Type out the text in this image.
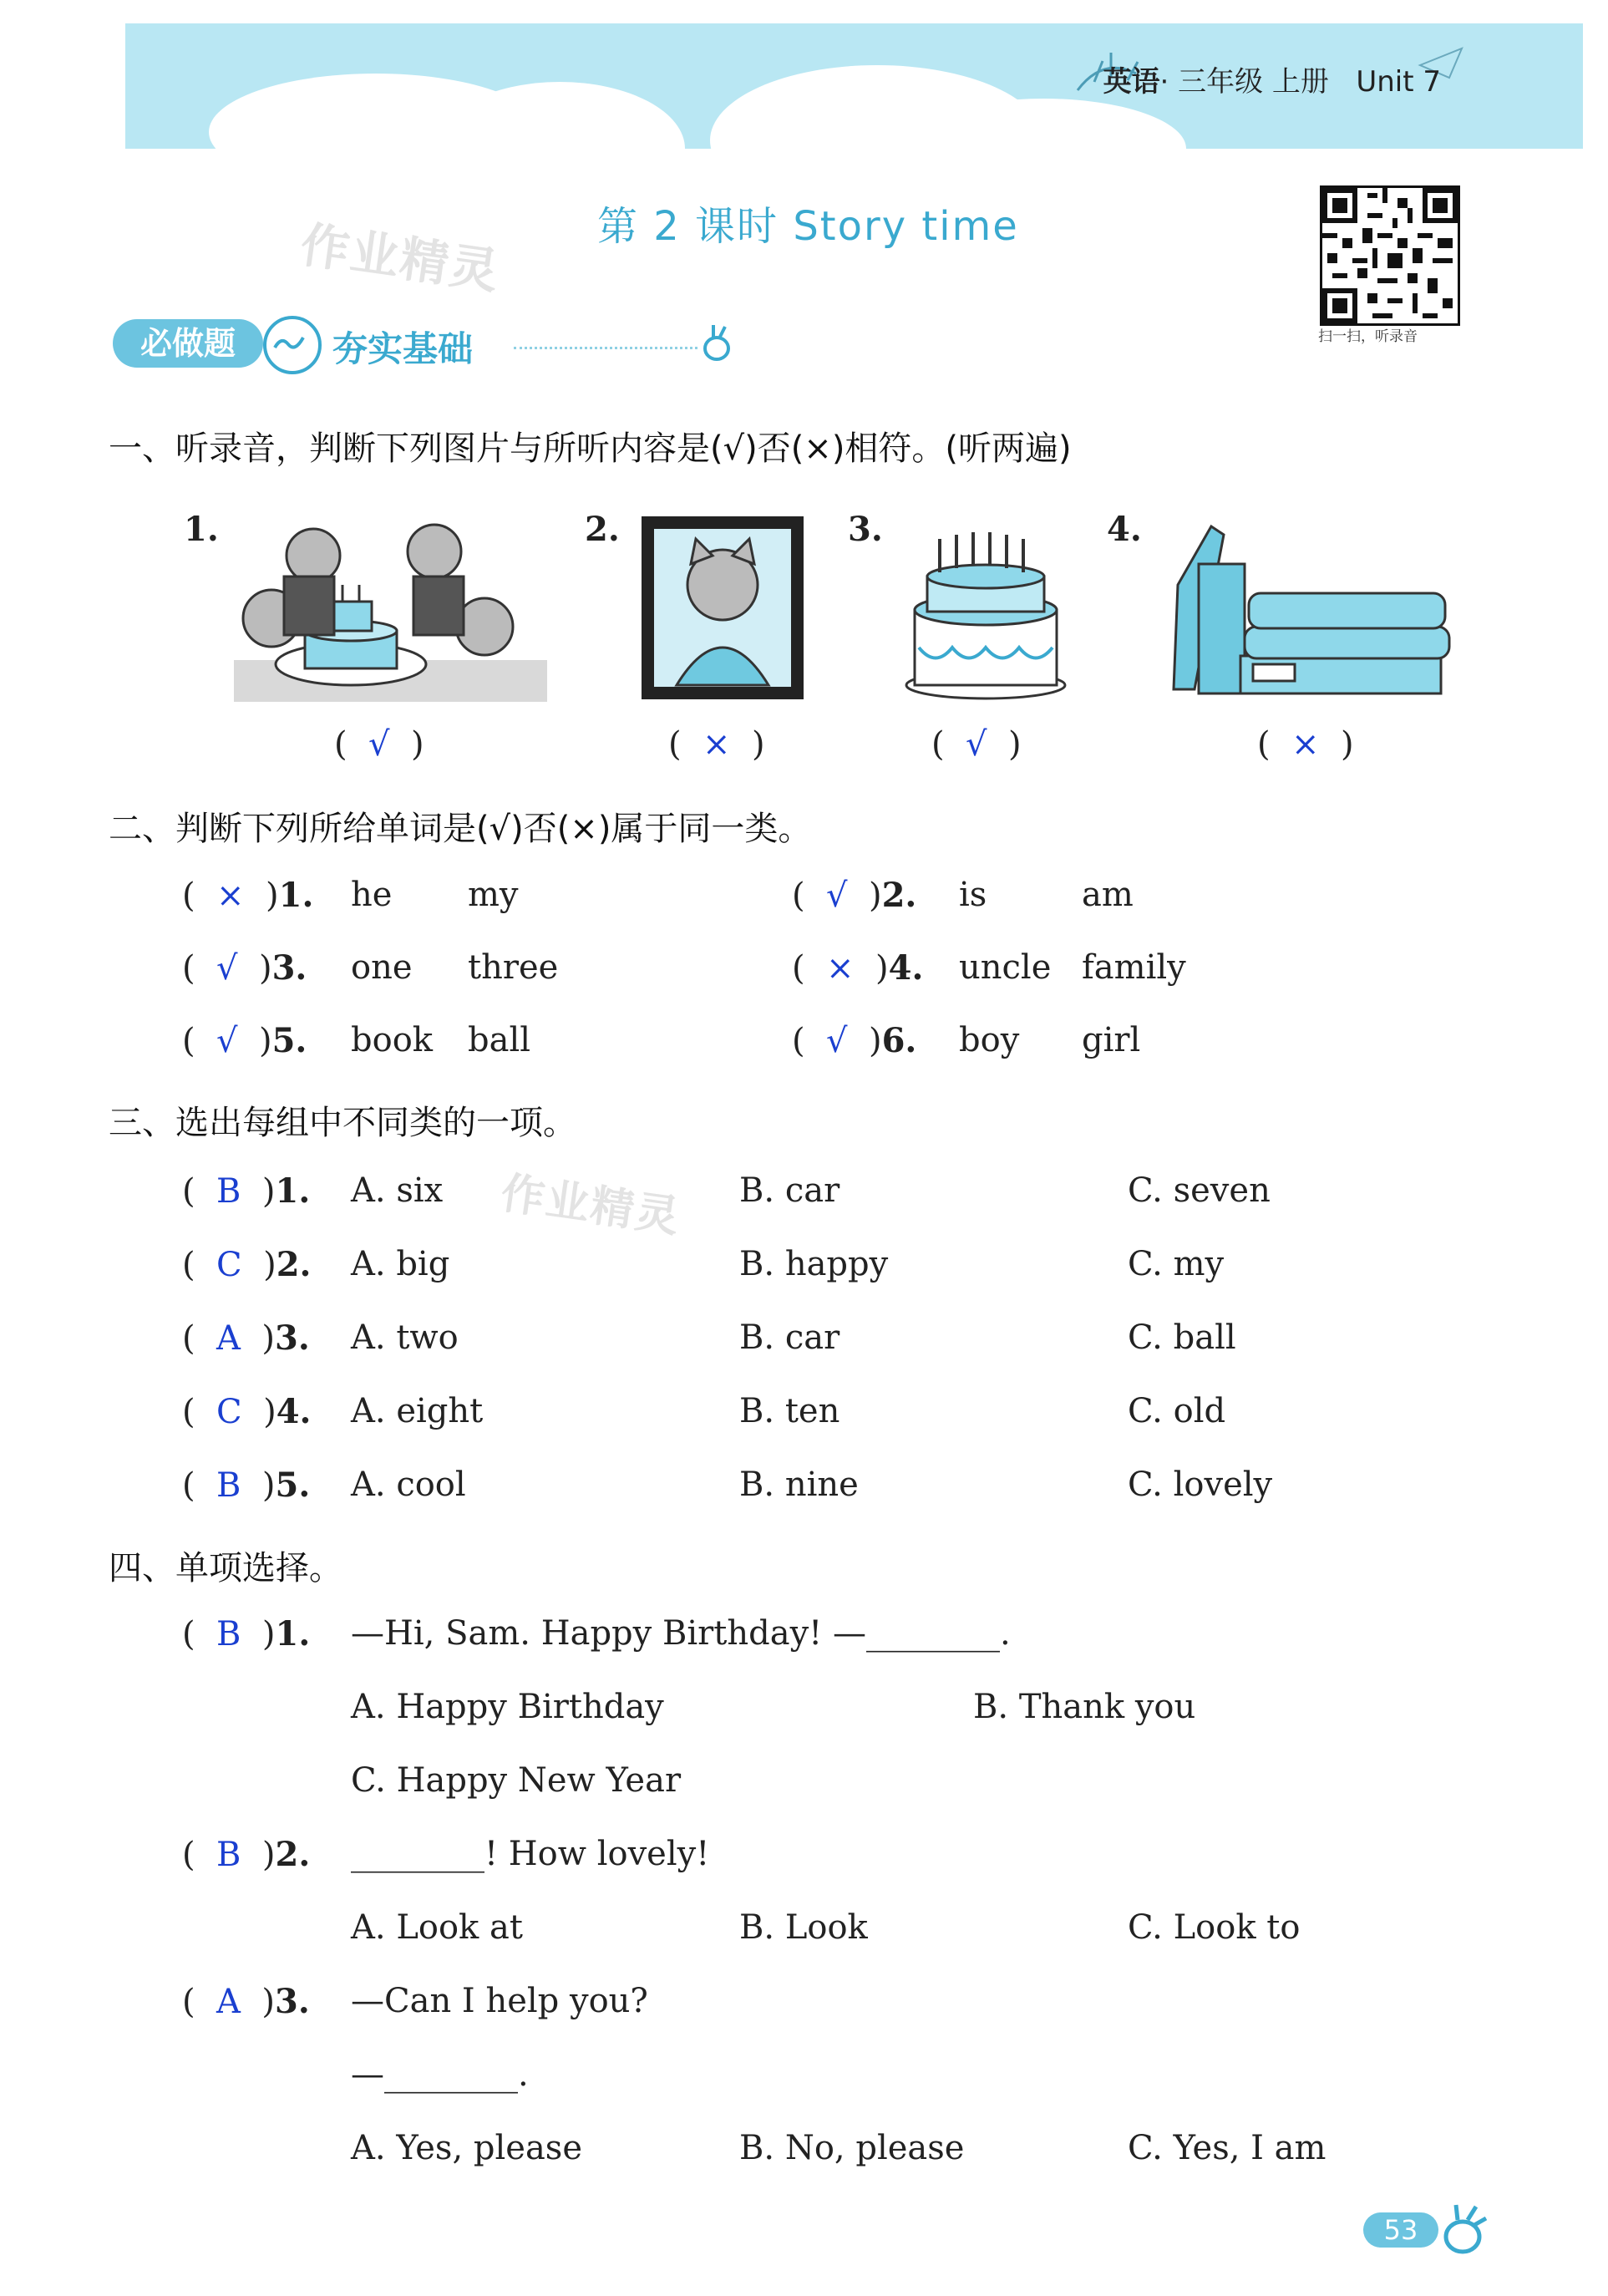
英语· 三年级 上册 Unit 7
作业精灵 第 2 课时 Story time
扫一扫，听录音
必做题	夯实基础
一、听录音，判断下列图片与所听内容是(√)否(×)相符。(听两遍)
1.	2.	3.	4.
(  √  )	(  ×  )	(  √  )	(  ×  )
二、判断下列所给单词是(√)否(×)属于同一类。
(  ×  )1. he my	(  √  )2. is	am
(  √  )3. one three	(  ×  )4. uncle family
(  √  )5. book ball	(  √  )6. boy girl
三、选出每组中不同类的一项。
作业精灵
(  B  )1. A. six	B. car	C. seven
(  C  )2. A. big	B. happy	C. my
(  A  )3. A. two	B. car	C. ball
(  C  )4. A. eight	B. ten	C. old
(  B  )5. A. cool	B. nine	C. lovely
四、单项选择。
(  B  )1. —Hi, Sam. Happy Birthday! —________.
A. Happy Birthday	B. Thank you
C. Happy New Year
(  B  )2. ________! How lovely!
A. Look at	B. Look	C. Look to
(  A  )3. —Can I help you?
—________.
A. Yes, please	B. No, please	C. Yes, I am
53
